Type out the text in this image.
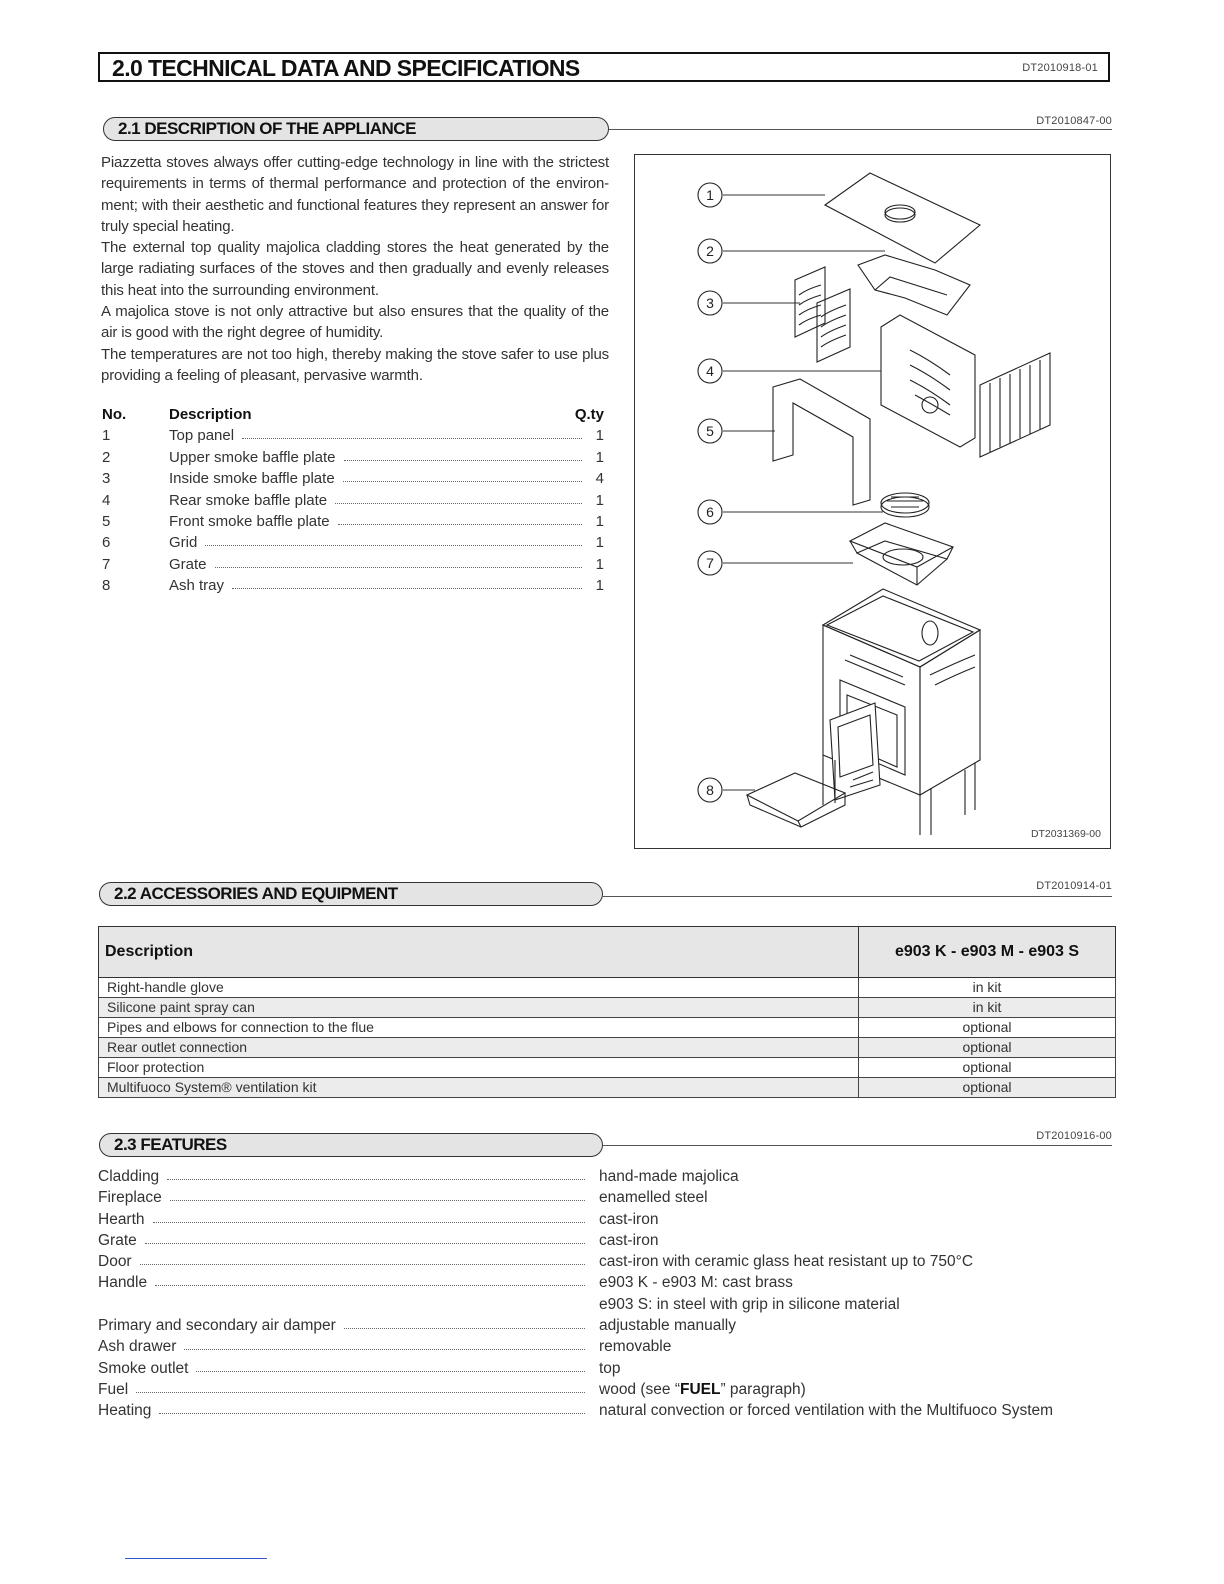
2.0 TECHNICAL DATA AND SPECIFICATIONS	DT2010918-01
2.1 DESCRIPTION OF THE APPLIANCE	DT2010847-00

Piazzetta stoves always offer cutting-edge technology in line with the strictest requirements in terms of thermal performance and protection of the environ-ment; with their aesthetic and functional features they represent an answer for truly special heating.

The external top quality majolica cladding stores the heat generated by the large radiating surfaces of the stoves and then gradually and evenly releases this heat into the surrounding environment.

A majolica stove is not only attractive but also ensures that the quality of the air is good with the right degree of humidity.

The temperatures are not too high, thereby making the stove safer to use plus providing a feeling of pleasant, pervasive warmth.

No.	Description	Q.ty
1	Top panel	1
2	Upper smoke baffle plate	1
3	Inside smoke baffle plate	4
4	Rear smoke baffle plate	1
5	Front smoke baffle plate	1
6	Grid	1
7	Grate	1
8	Ash tray	1
1
2
3
4
5
6
7
8
DT2031369-00
2.2 ACCESSORIES AND EQUIPMENT	DT2010914-01
Description	e903 K - e903 M - e903 S
Right-handle glove	in kit
Silicone paint spray can	in kit
Pipes and elbows for connection to the flue	optional
Rear outlet connection	optional
Floor protection	optional
Multifuoco System® ventilation kit	optional
2.3 FEATURES	DT2010916-00
Cladding	hand-made majolica
Fireplace	enamelled steel
Hearth	cast-iron
Grate	cast-iron
Door	cast-iron with ceramic glass heat resistant up to 750°C
Handle	e903 K - e903 M: cast brass
e903 S: in steel with grip in silicone material
Primary and secondary air damper	adjustable manually
Ash drawer	removable
Smoke outlet	top
Fuel	wood (see “FUEL” paragraph)
Heating	natural convection or forced ventilation with the Multifuoco System
